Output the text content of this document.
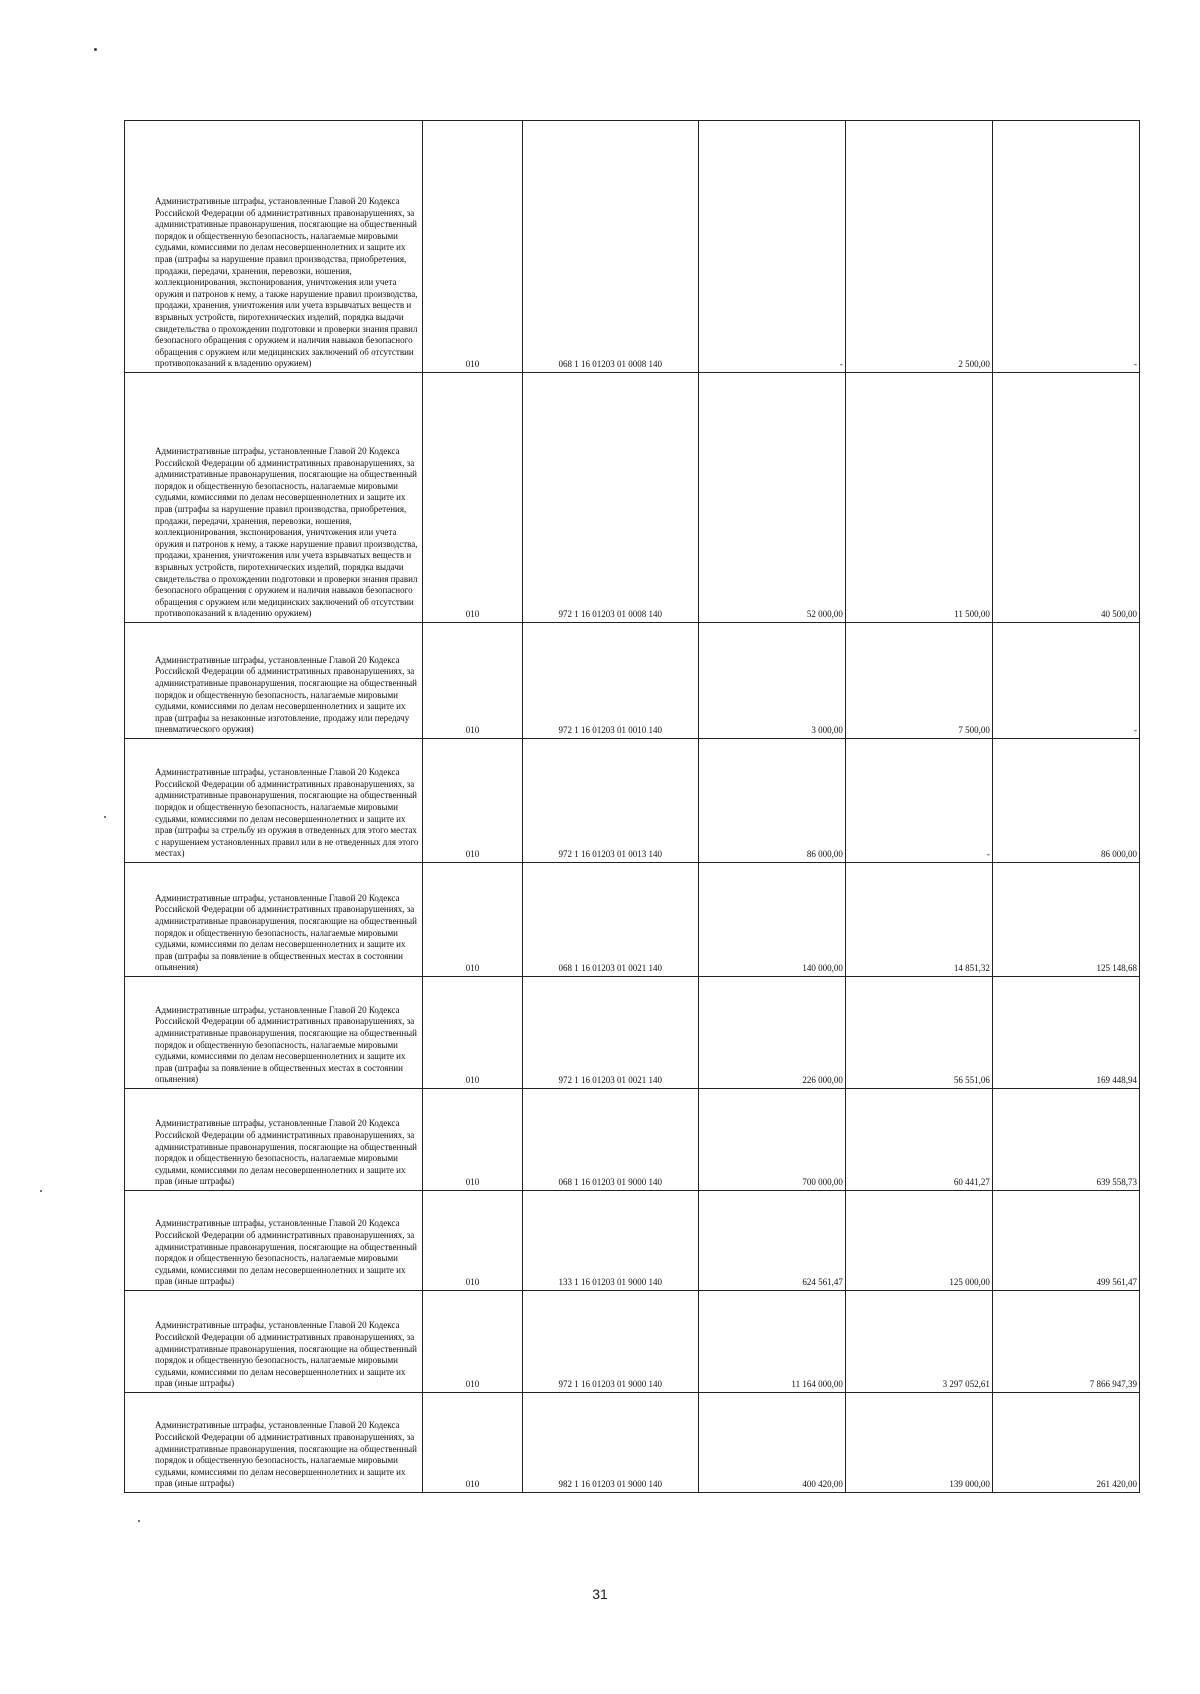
Административные штрафы, установленные Главой 20 Кодекса Российской Федерации об административных правонарушениях, за административные правонарушения, посягающие на общественный порядок и общественную безопасность, налагаемые мировыми судьями, комиссиями по делам несовершеннолетних и защите их прав (штрафы за нарушение правил производства, приобретения, продажи, передачи, хранения, перевозки, ношения, коллекционирования, экспонирования, уничтожения или учета оружия и патронов к нему, а также нарушение правил производства, продажи, хранения, уничтожения или учета взрывчатых веществ и взрывных устройств, пиротехнических изделий, порядка выдачи свидетельства о прохождении подготовки и проверки знания правил безопасного обращения с оружием и наличия навыков безопасного обращения с оружием или медицинских заключений об отсутствии противопоказаний к владению оружием)	010	068 1 16 01203 01 0008 140	-	2 500,00	-
Административные штрафы, установленные Главой 20 Кодекса Российской Федерации об административных правонарушениях, за административные правонарушения, посягающие на общественный порядок и общественную безопасность, налагаемые мировыми судьями, комиссиями по делам несовершеннолетних и защите их прав (штрафы за нарушение правил производства, приобретения, продажи, передачи, хранения, перевозки, ношения, коллекционирования, экспонирования, уничтожения или учета оружия и патронов к нему, а также нарушение правил производства, продажи, хранения, уничтожения или учета взрывчатых веществ и взрывных устройств, пиротехнических изделий, порядка выдачи свидетельства о прохождении подготовки и проверки знания правил безопасного обращения с оружием и наличия навыков безопасного обращения с оружием или медицинских заключений об отсутствии противопоказаний к владению оружием)	010	972 1 16 01203 01 0008 140	52 000,00	11 500,00	40 500,00
Административные штрафы, установленные Главой 20 Кодекса Российской Федерации об административных правонарушениях, за административные правонарушения, посягающие на общественный порядок и общественную безопасность, налагаемые мировыми судьями, комиссиями по делам несовершеннолетних и защите их прав (штрафы за незаконные изготовление, продажу или передачу пневматического оружия)	010	972 1 16 01203 01 0010 140	3 000,00	7 500,00	-
Административные штрафы, установленные Главой 20 Кодекса Российской Федерации об административных правонарушениях, за административные правонарушения, посягающие на общественный порядок и общественную безопасность, налагаемые мировыми судьями, комиссиями по делам несовершеннолетних и защите их прав (штрафы за стрельбу из оружия в отведенных для этого местах с нарушением установленных правил или в не отведенных для этого местах)	010	972 1 16 01203 01 0013 140	86 000,00	-	86 000,00
Административные штрафы, установленные Главой 20 Кодекса Российской Федерации об административных правонарушениях, за административные правонарушения, посягающие на общественный порядок и общественную безопасность, налагаемые мировыми судьями, комиссиями по делам несовершеннолетних и защите их прав (штрафы за появление в общественных местах в состоянии опьянения)	010	068 1 16 01203 01 0021 140	140 000,00	14 851,32	125 148,68
Административные штрафы, установленные Главой 20 Кодекса Российской Федерации об административных правонарушениях, за административные правонарушения, посягающие на общественный порядок и общественную безопасность, налагаемые мировыми судьями, комиссиями по делам несовершеннолетних и защите их прав (штрафы за появление в общественных местах в состоянии опьянения)	010	972 1 16 01203 01 0021 140	226 000,00	56 551,06	169 448,94
Административные штрафы, установленные Главой 20 Кодекса Российской Федерации об административных правонарушениях, за административные правонарушения, посягающие на общественный порядок и общественную безопасность, налагаемые мировыми судьями, комиссиями по делам несовершеннолетних и защите их прав (иные штрафы)	010	068 1 16 01203 01 9000 140	700 000,00	60 441,27	639 558,73
Административные штрафы, установленные Главой 20 Кодекса Российской Федерации об административных правонарушениях, за административные правонарушения, посягающие на общественный порядок и общественную безопасность, налагаемые мировыми судьями, комиссиями по делам несовершеннолетних и защите их прав (иные штрафы)	010	133 1 16 01203 01 9000 140	624 561,47	125 000,00	499 561,47
Административные штрафы, установленные Главой 20 Кодекса Российской Федерации об административных правонарушениях, за административные правонарушения, посягающие на общественный порядок и общественную безопасность, налагаемые мировыми судьями, комиссиями по делам несовершеннолетних и защите их прав (иные штрафы)	010	972 1 16 01203 01 9000 140	11 164 000,00	3 297 052,61	7 866 947,39
Административные штрафы, установленные Главой 20 Кодекса Российской Федерации об административных правонарушениях, за административные правонарушения, посягающие на общественный порядок и общественную безопасность, налагаемые мировыми судьями, комиссиями по делам несовершеннолетних и защите их прав (иные штрафы)	010	982 1 16 01203 01 9000 140	400 420,00	139 000,00	261 420,00
31
